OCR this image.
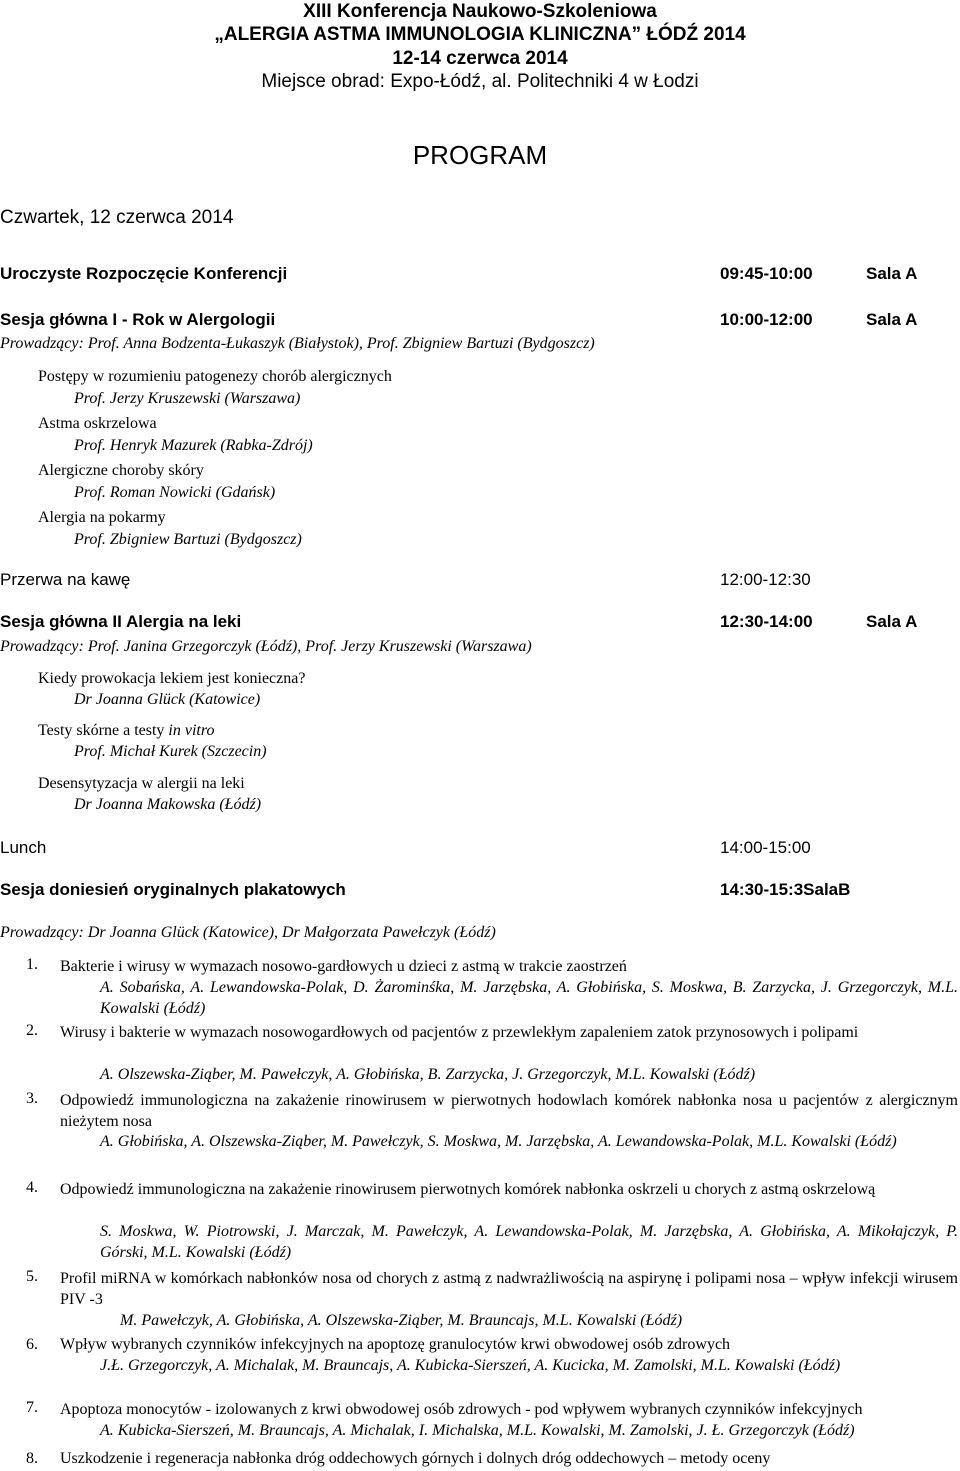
XIII Konferencja Naukowo-Szkoleniowa
„ALERGIA ASTMA IMMUNOLOGIA KLINICZNA” ŁÓDŹ 2014
12-14 czerwca 2014
Miejsce obrad: Expo-Łódź, al. Politechniki 4 w Łodzi
PROGRAM
Czwartek, 12 czerwca 2014
Uroczyste Rozpoczęcie Konferencji	09:45-10:00	Sala A
Sesja główna I - Rok w Alergologii	10:00-12:00	Sala A
Prowadzący: Prof. Anna Bodzenta-Łukaszyk (Białystok), Prof. Zbigniew Bartuzi (Bydgoszcz)
Postępy w rozumieniu patogenezy chorób alergicznych
Prof. Jerzy Kruszewski (Warszawa)
Astma oskrzelowa
Prof. Henryk Mazurek (Rabka-Zdrój)
Alergiczne choroby skóry
Prof. Roman Nowicki (Gdańsk)
Alergia na pokarmy
Prof. Zbigniew Bartuzi (Bydgoszcz)
Przerwa na kawę	12:00-12:30
Sesja główna II Alergia na leki	12:30-14:00	Sala A
Prowadzący: Prof. Janina Grzegorczyk (Łódź), Prof. Jerzy Kruszewski (Warszawa)
Kiedy prowokacja lekiem jest konieczna?
Dr Joanna Glück (Katowice)
Testy skórne a testy in vitro
Prof. Michał Kurek (Szczecin)
Desensytyzacja w alergii na leki
Dr Joanna Makowska (Łódź)
Lunch	14:00-15:00
Sesja doniesień oryginalnych plakatowych	14:30-15:3SalaB
Prowadzący: Dr Joanna Glück (Katowice), Dr Małgorzata Pawełczyk (Łódź)
1. Bakterie i wirusy w wymazach nosowo-gardłowych u dzieci z astmą w trakcie zaostrzeń
A. Sobańska, A. Lewandowska-Polak, D. Żarominśka, M. Jarzębska, A. Głobińska, S. Moskwa, B. Zarzycka, J. Grzegorczyk, M.L. Kowalski (Łódź)
2. Wirusy i bakterie w wymazach nosowogardłowych od pacjentów z przewlekłym zapaleniem zatok przynosowych i polipami
A. Olszewska-Ziąber, M. Pawełczyk, A. Głobińska, B. Zarzycka, J. Grzegorczyk, M.L. Kowalski (Łódź)
3. Odpowiedź immunologiczna na zakażenie rinowirusem w pierwotnych hodowlach komórek nabłonka nosa u pacjentów z alergicznym nieżytem nosa
A. Głobińska, A. Olszewska-Ziąber, M. Pawełczyk, S. Moskwa, M. Jarzębska, A. Lewandowska-Polak, M.L. Kowalski (Łódź)
4. Odpowiedź immunologiczna na zakażenie rinowirusem pierwotnych komórek nabłonka oskrzeli u chorych z astmą oskrzelową
S. Moskwa, W. Piotrowski, J. Marczak, M. Pawełczyk, A. Lewandowska-Polak, M. Jarzębska, A. Głobińska, A. Mikołajczyk, P. Górski, M.L. Kowalski (Łódź)
5. Profil miRNA w komórkach nabłonków nosa od chorych z astmą z nadwrażliwością na aspirynę i polipami nosa – wpływ infekcji wirusem PIV -3
M. Pawełczyk, A. Głobińska, A. Olszewska-Ziąber, M. Brauncajs, M.L. Kowalski (Łódź)
6. Wpływ wybranych czynników infekcyjnych na apoptozę granulocytów krwi obwodowej osób zdrowych
J.Ł. Grzegorczyk, A. Michalak, M. Brauncajs, A. Kubicka-Sierszeń, A. Kucicka, M. Zamolski, M.L. Kowalski (Łódź)
7. Apoptoza monocytów - izolowanych z krwi obwodowej osób zdrowych - pod wpływem wybranych czynników infekcyjnych
A. Kubicka-Sierszeń, M. Brauncajs, A. Michalak, I. Michalska, M.L. Kowalski, M. Zamolski, J. Ł. Grzegorczyk (Łódź)
8. Uszkodzenie i regeneracja nabłonka dróg oddechowych górnych i dolnych dróg oddechowych – metody oceny
